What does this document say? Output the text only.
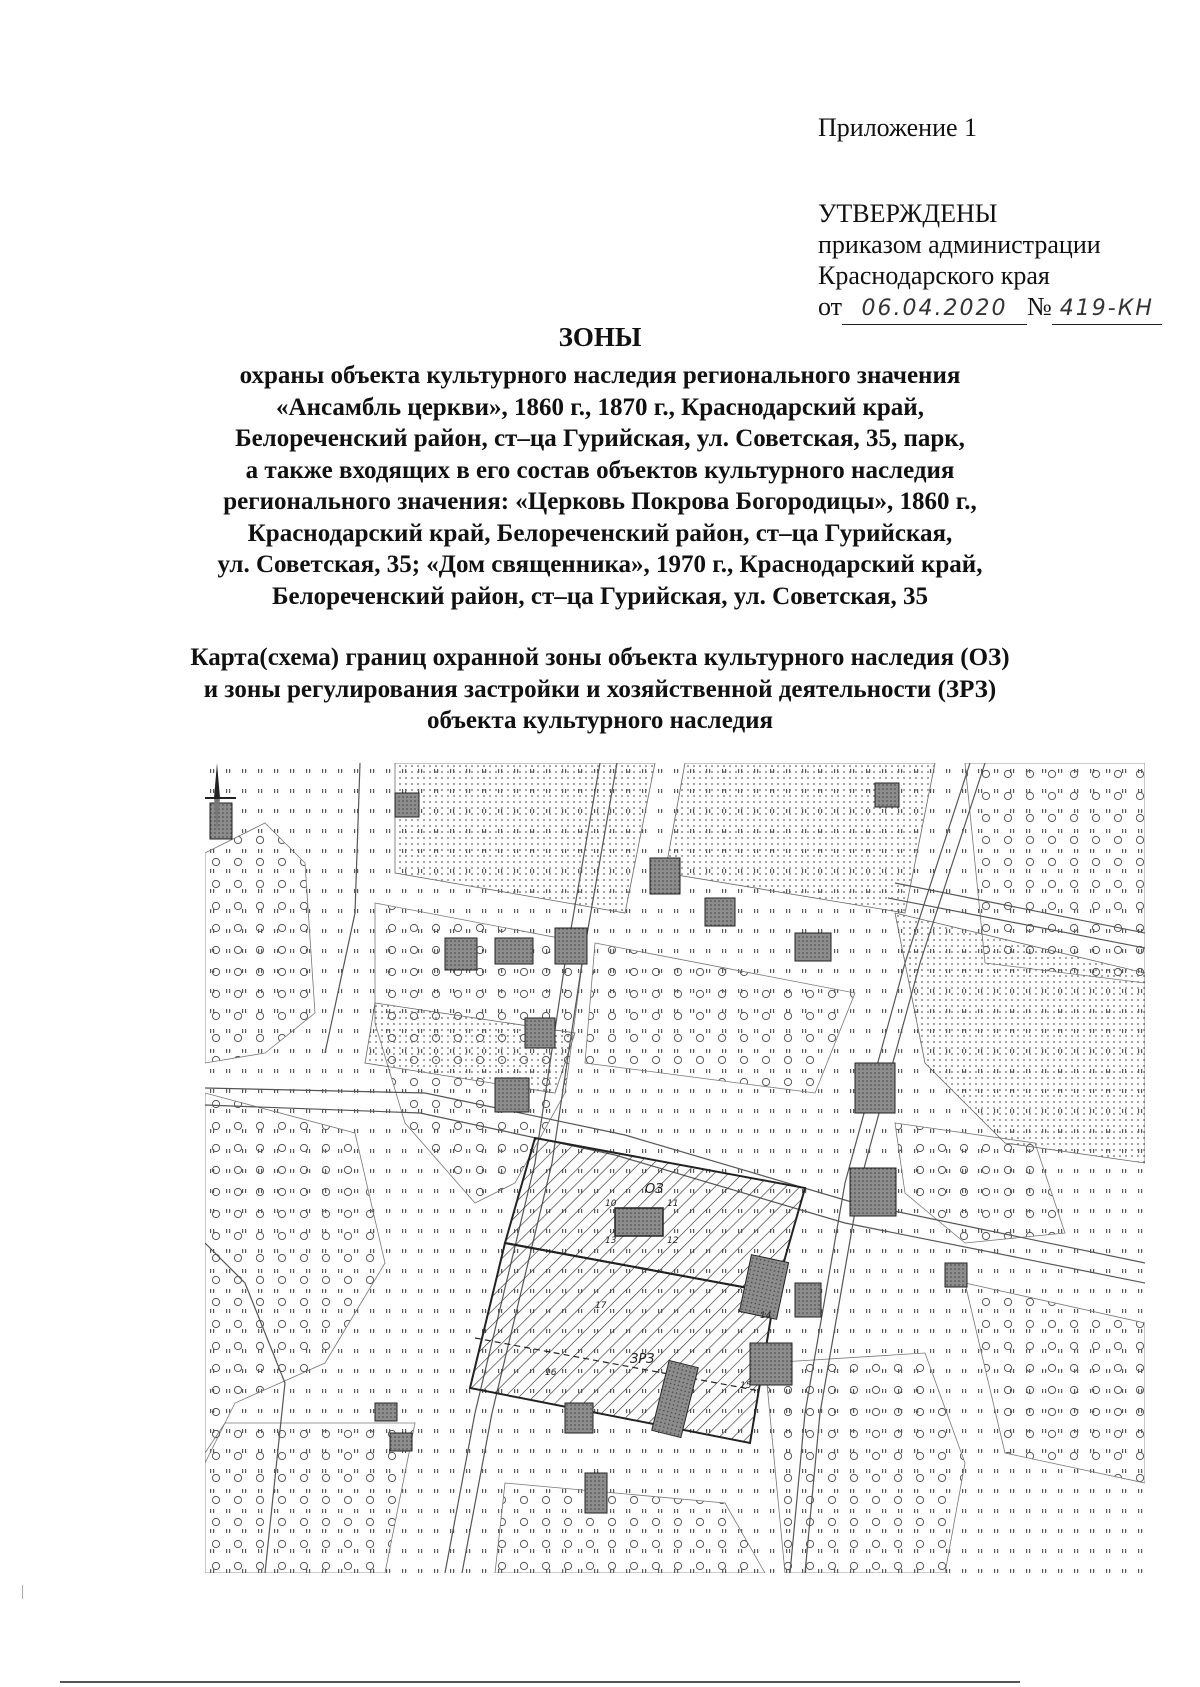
Приложение 1
УТВЕРЖДЕНЫ
приказом администрации
Краснодарского края
от 06.04.2020 № 419-КН
ЗОНЫ
охраны объекта культурного наследия регионального значения
«Ансамбль церкви», 1860 г., 1870 г., Краснодарский край,
Белореченский район, ст–ца Гурийская, ул. Советская, 35, парк,
а также входящих в его состав объектов культурного наследия
регионального значения: «Церковь Покрова Богородицы», 1860 г.,
Краснодарский край, Белореченский район, ст–ца Гурийская,
ул. Советская, 35; «Дом священника», 1970 г., Краснодарский край,
Белореченский район, ст–ца Гурийская, ул. Советская, 35
Карта(схема) границ охранной зоны объекта культурного наследия (ОЗ)
и зоны регулирования застройки и хозяйственной деятельности (ЗРЗ)
объекта культурного наследия
ОЗ
ЗРЗ
10	11
12
13
14
15
16
17
